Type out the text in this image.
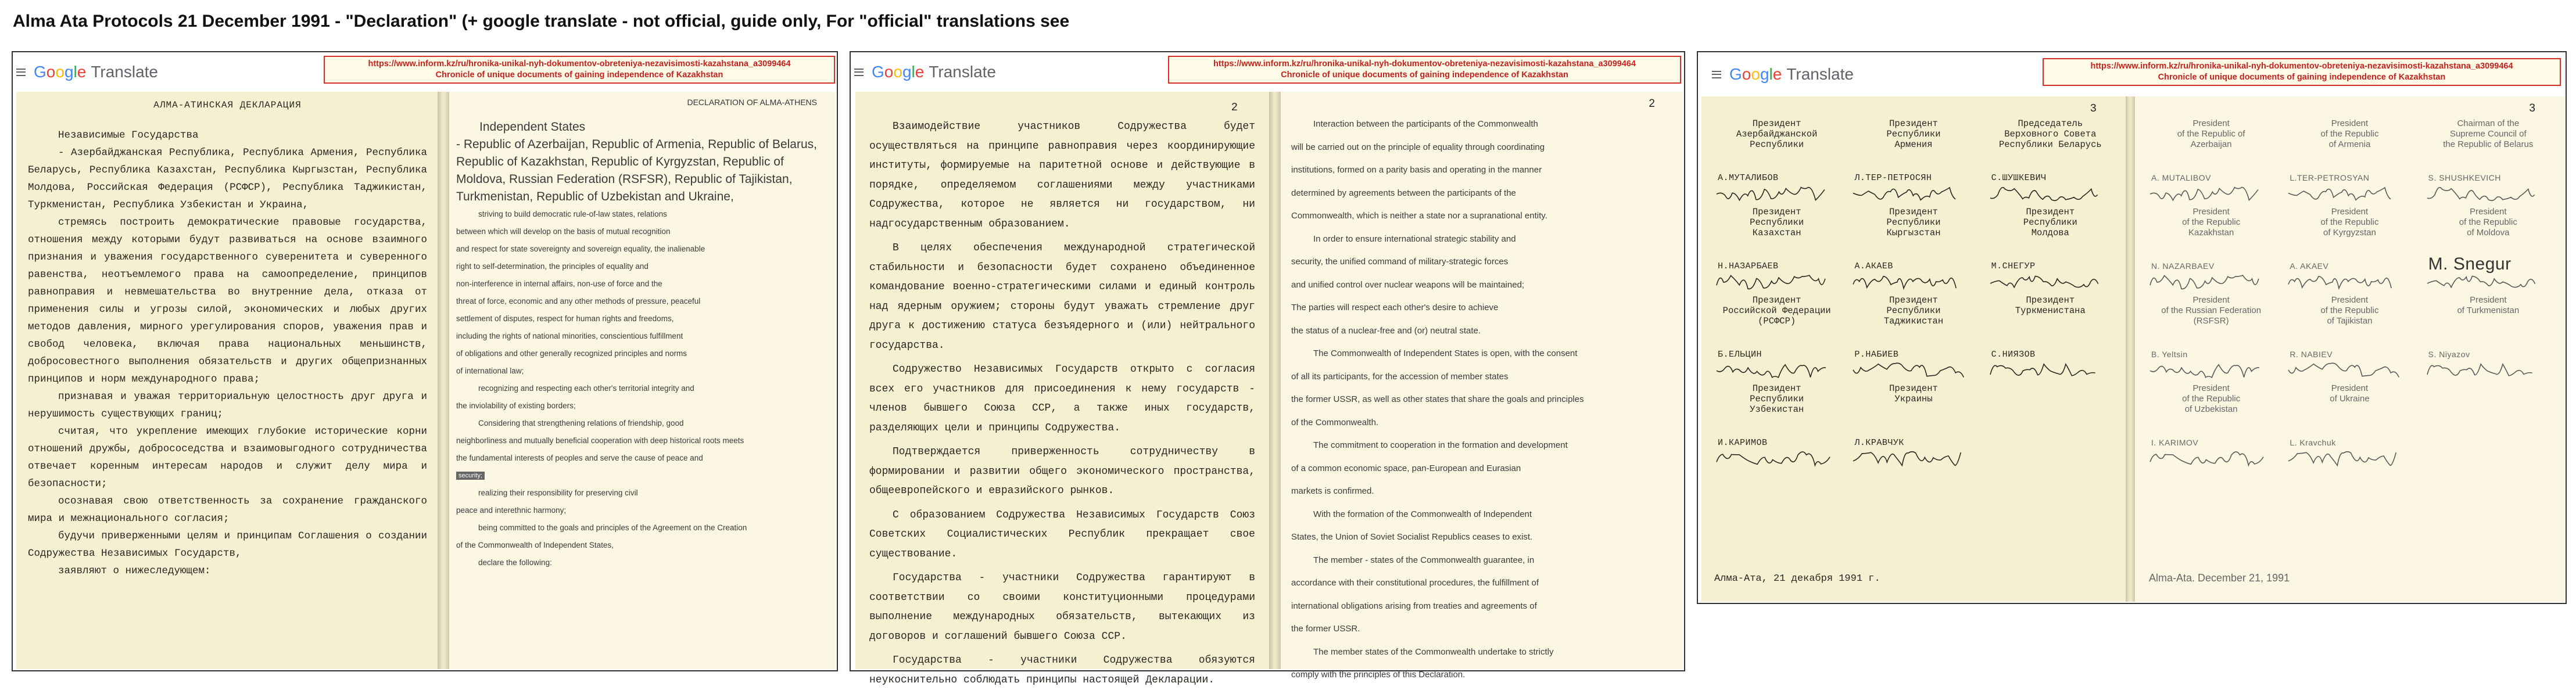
Alma Ata Protocols 21 December 1991 - "Declaration" (+ google translate - not official, guide only, For "official" translations see
G o o g l e Translate	https://www.inform.kz/ru/hronika-unikal-nyh-dokumentov-obreteniya-nezavisimosti-kazahstana_a3099464
Chronicle of unique documents of gaining independence of Kazakhstan
АЛМА-АТИНСКАЯ ДЕКЛАРАЦИЯ

Независимые Государства

- Азербайджанская Республика, Республика Армения, Республика Беларусь, Республика Казахстан, Республика Кыргызстан, Республика Молдова, Российская Федерация (РСФСР), Республика Таджикистан, Туркменистан, Республика Узбекистан и Украина,

стремясь построить демократические правовые государства, отношения между которыми будут развиваться на основе взаимного признания и уважения государственного суверенитета и суверенного равенства, неотъемлемого права на самоопределение, принципов равноправия и невмешательства во внутренние дела, отказа от применения силы и угрозы силой, экономических и любых других методов давления, мирного урегулирования споров, уважения прав и свобод человека, включая права национальных меньшинств, добросовестного выполнения обязательств и других общепризнанных принципов и норм международного права;

признавая и уважая территориальную целостность друг друга и нерушимость существующих границ;

считая, что укрепление имеющих глубокие исторические корни отношений дружбы, добрососедства и взаимовыгодного сотрудничества отвечает коренным интересам народов и служит делу мира и безопасности;

осознавая свою ответственность за сохранение гражданского мира и межнационального согласия;

будучи приверженными целям и принципам Соглашения о создании Содружества Независимых Государств,

заявляют о нижеследующем:

DECLARATION OF ALMA-ATHENS

Independent States

- Republic of Azerbaijan, Republic of Armenia, Republic of Belarus, Republic of Kazakhstan, Republic of Kyrgyzstan, Republic of Moldova, Russian Federation (RSFSR), Republic of Tajikistan, Turkmenistan, Republic of Uzbekistan and Ukraine,

striving to build democratic rule-of-law states, relations

between which will develop on the basis of mutual recognition

and respect for state sovereignty and sovereign equality, the inalienable

right to self-determination, the principles of equality and

non-interference in internal affairs, non-use of force and the

threat of force, economic and any other methods of pressure, peaceful

settlement of disputes, respect for human rights and freedoms,

including the rights of national minorities, conscientious fulfillment

of obligations and other generally recognized principles and norms

of international law;

recognizing and respecting each other's territorial integrity and

the inviolability of existing borders;

Considering that strengthening relations of friendship, good

neighborliness and mutually beneficial cooperation with deep historical roots meets

the fundamental interests of peoples and serve the cause of peace and

security;

realizing their responsibility for preserving civil

peace and interethnic harmony;

being committed to the goals and principles of the Agreement on the Creation

of the Commonwealth of Independent States,

declare the following:

G o o g l e Translate	https://www.inform.kz/ru/hronika-unikal-nyh-dokumentov-obreteniya-nezavisimosti-kazahstana_a3099464
Chronicle of unique documents of gaining independence of Kazakhstan
2

Взаимодействие участников Содружества будет осуществляться на принципе равноправия через координирующие институты, формируемые на паритетной основе и действующие в порядке, определяемом соглашениями между участниками Содружества, которое не является ни государством, ни надгосударственным образованием.

В целях обеспечения международной стратегической стабильности и безопасности будет сохранено объединенное командование военно-стратегическими силами и единый контроль над ядерным оружием; стороны будут уважать стремление друг друга к достижению статуса безъядерного и (или) нейтрального государства.

Содружество Независимых Государств открыто с согласия всех его участников для присоединения к нему государств - членов бывшего Союза ССР, а также иных государств, разделяющих цели и принципы Содружества.

Подтверждается приверженность сотрудничеству в формировании и развитии общего экономического пространства, общеевропейского и евразийского рынков.

С образованием Содружества Независимых Государств Союз Советских Социалистических Республик прекращает свое существование.

Государства - участники Содружества гарантируют в соответствии со своими конституционными процедурами выполнение международных обязательств, вытекающих из договоров и соглашений бывшего Союза ССР.

Государства - участники Содружества обязуются неукоснительно соблюдать принципы настоящей Декларации.

2

Interaction between the participants of the Commonwealth

will be carried out on the principle of equality through coordinating

institutions, formed on a parity basis and operating in the manner

determined by agreements between the participants of the

Commonwealth, which is neither a state nor a supranational entity.

In order to ensure international strategic stability and

security, the unified command of military-strategic forces

and unified control over nuclear weapons will be maintained;

The parties will respect each other's desire to achieve

the status of a nuclear-free and (or) neutral state.

The Commonwealth of Independent States is open, with the consent

of all its participants, for the accession of member states

the former USSR, as well as other states that share the goals and principles

of the Commonwealth.

The commitment to cooperation in the formation and development

of a common economic space, pan-European and Eurasian

markets is confirmed.

With the formation of the Commonwealth of Independent

States, the Union of Soviet Socialist Republics ceases to exist.

The member - states of the Commonwealth guarantee, in

accordance with their constitutional procedures, the fulfillment of

international obligations arising from treaties and agreements of

the former USSR.

The member states of the Commonwealth undertake to strictly

comply with the principles of this Declaration.

G o o g l e Translate	https://www.inform.kz/ru/hronika-unikal-nyh-dokumentov-obreteniya-nezavisimosti-kazahstana_a3099464
Chronicle of unique documents of gaining independence of Kazakhstan
3
Президент
Азербайджанской
Республики
А.МУТАЛИБОВ
Президент
Республики
Армения
Л.ТЕР-ПЕТРОСЯН
Председатель
Верховного Совета
Республики Беларусь
С.ШУШКЕВИЧ
Президент
Республики
Казахстан
Н.НАЗАРБАЕВ
Президент
Республики
Кыргызстан
А.АКАЕВ
Президент
Республики
Молдова
М.СНЕГУР
Президент
Российской Федерации
(РСФСР)
Б.ЕЛЬЦИН
Президент
Республики
Таджикистан
Р.НАБИЕВ
Президент
Туркменистана
С.НИЯЗОВ
Президент
Республики
Узбекистан
И.КАРИМОВ
Президент
Украины
Л.КРАВЧУК
Алма-Ата, 21 декабря 1991 г.
3
President
of the Republic of
Azerbaijan
A. MUTALIBOV
President
of the Republic
of Armenia
L.TER-PETROSYAN
Chairman of the
Supreme Council of
the Republic of Belarus
S. SHUSHKEVICH
President
of the Republic
Kazakhstan
N. NAZARBAEV
President
of the Republic
of Kyrgyzstan
A. AKAEV
President
of the Republic
of Moldova
M. Snegur
President
of the Russian Federation
(RSFSR)
B. Yeltsin
President
of the Republic
of Tajikistan
R. NABIEV
President
of Turkmenistan
S. Niyazov
President
of the Republic
of Uzbekistan
I. KARIMOV
President
of Ukraine
L. Kravchuk
Alma-Ata. December 21, 1991
